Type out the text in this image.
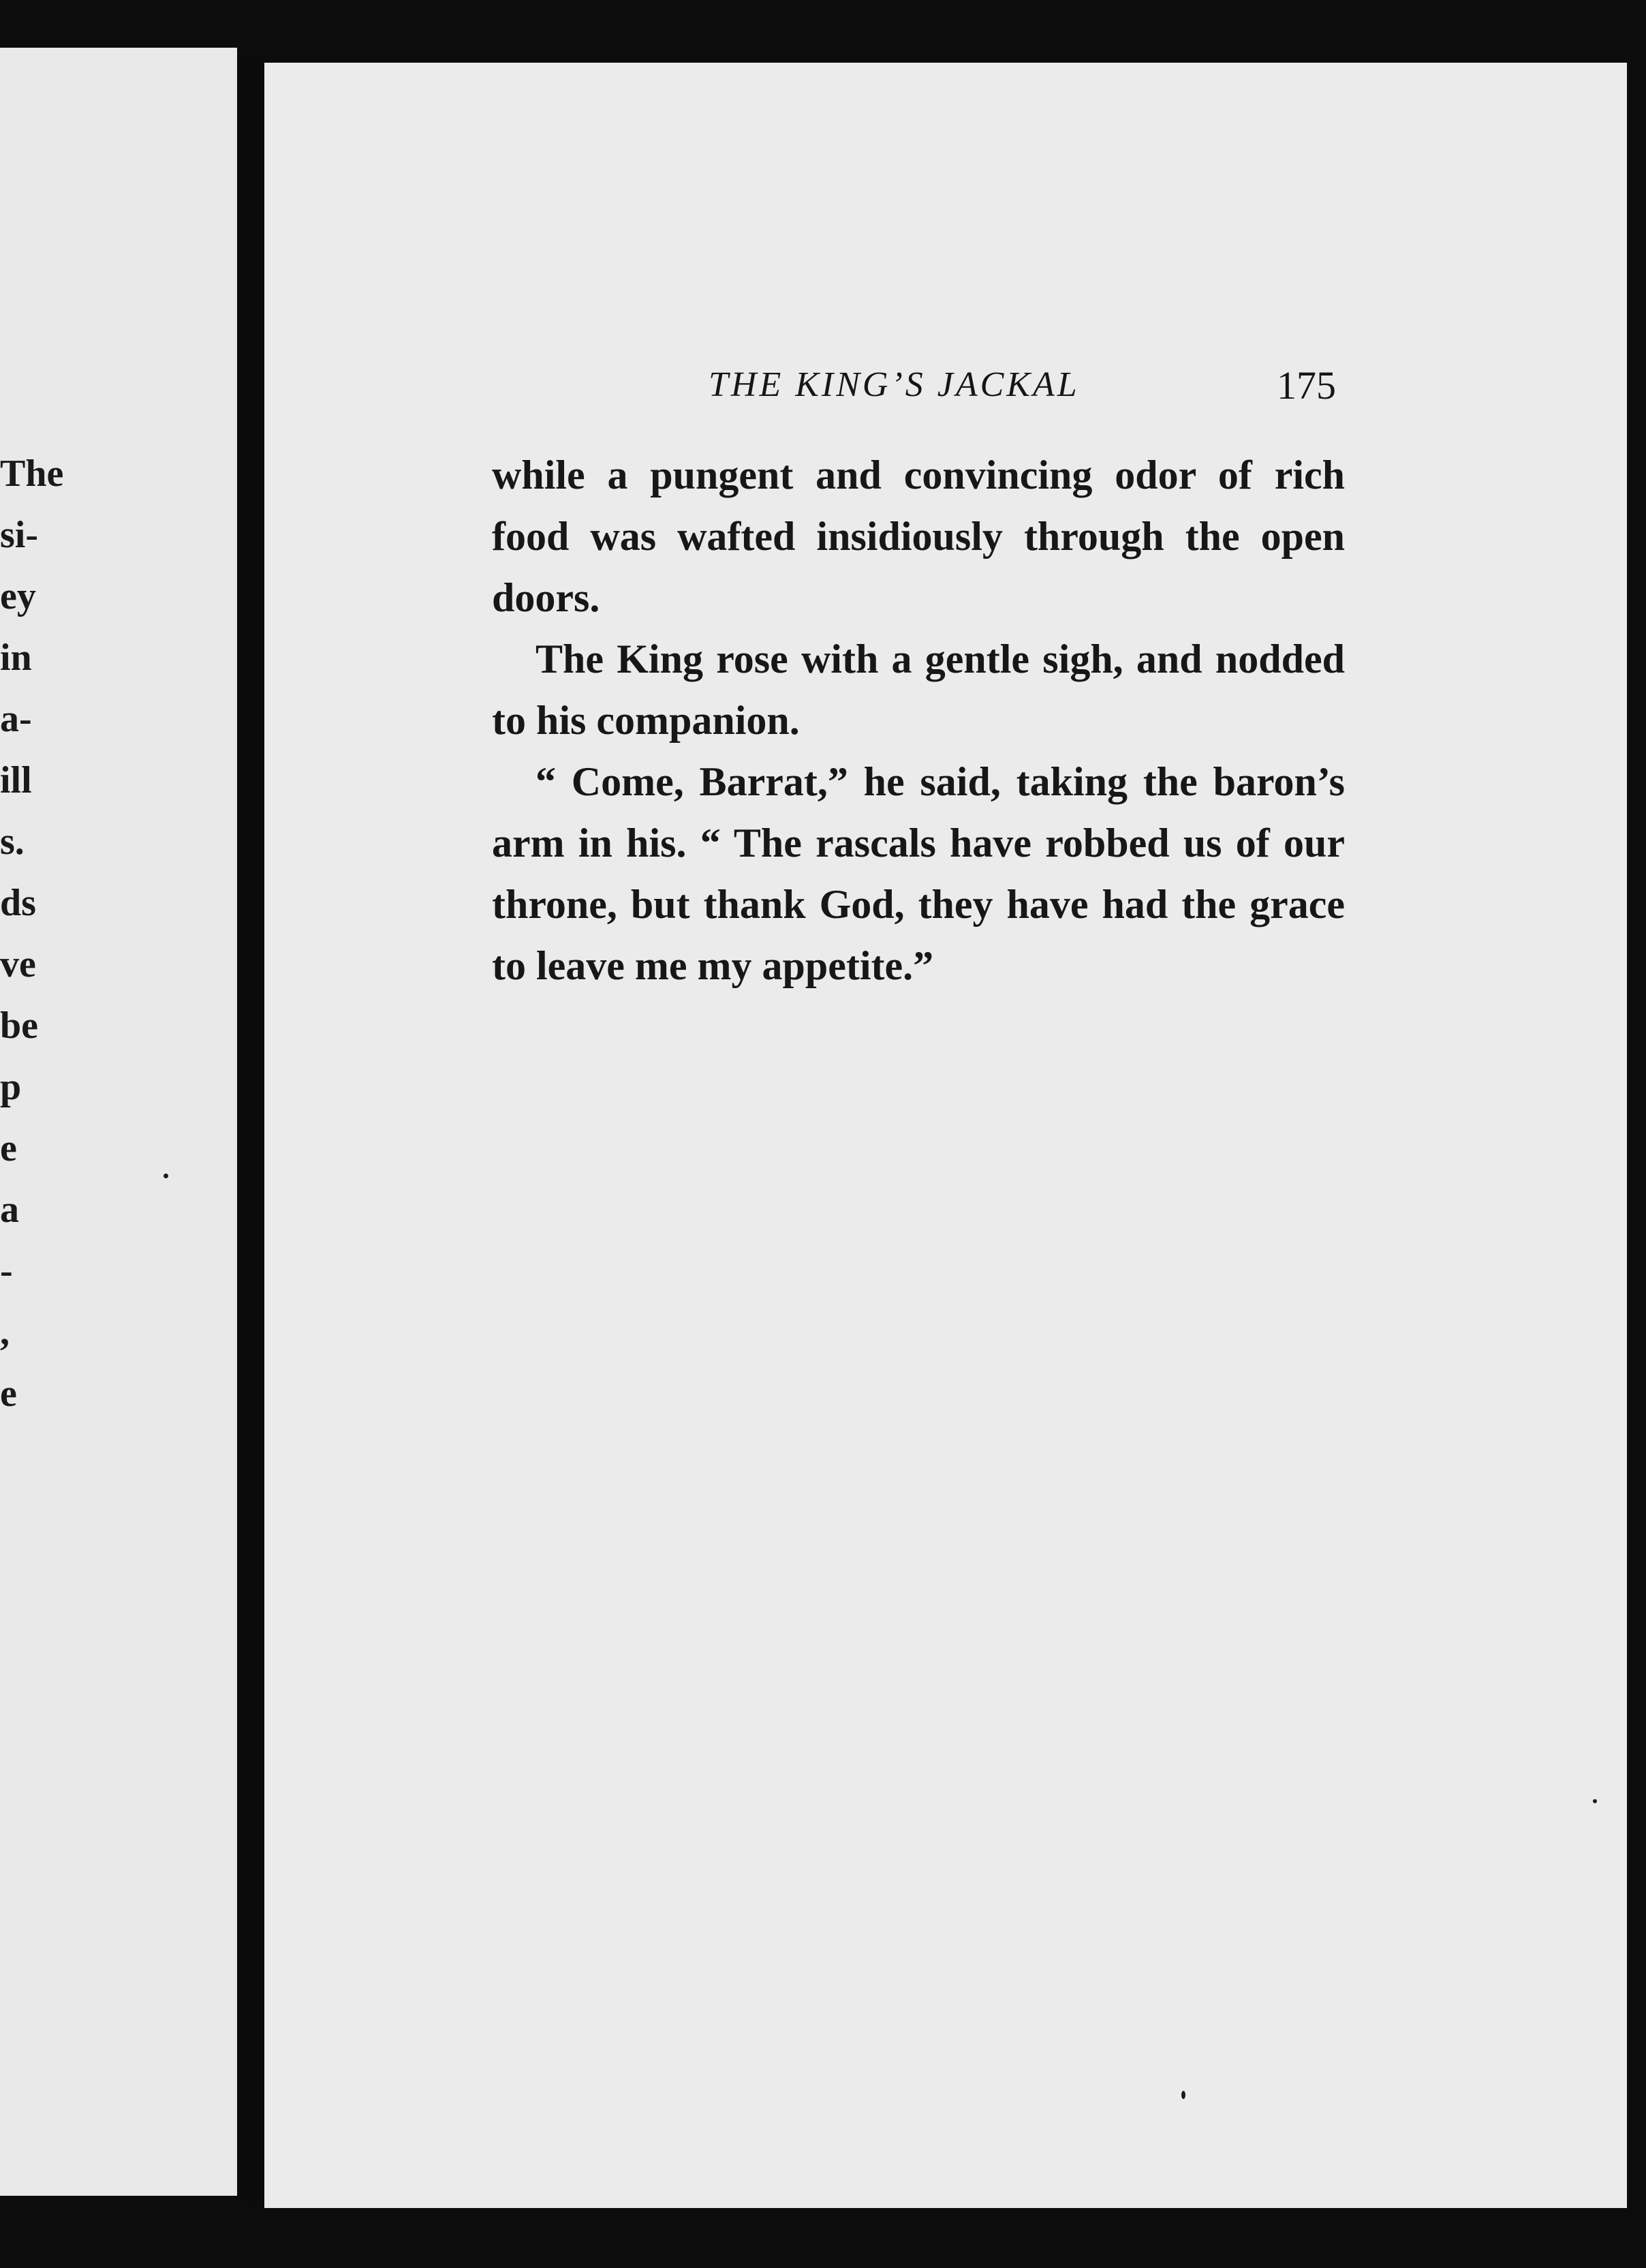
The
si-
ey
in
a-
ill
s.
ds
ve
be
p
e
a
-
,
e
THE KING’S JACKAL	175

while a pungent and convincing odor of rich food was wafted insidiously through the open doors.

The King rose with a gentle sigh, and nodded to his companion.

“ Come, Barrat,” he said, taking the baron’s arm in his. “ The rascals have robbed us of our throne, but thank God, they have had the grace to leave me my appetite.”
